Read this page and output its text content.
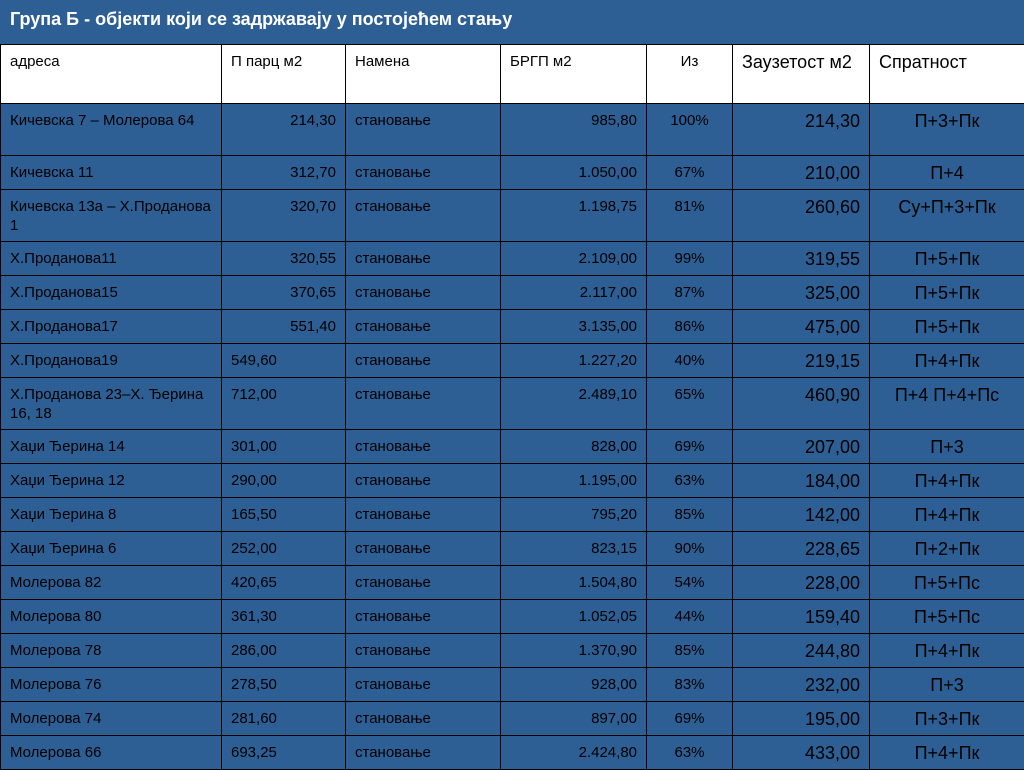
Група Б - објекти који се задржавају у постојећем стању
адреса	П парц м2	Намена	БРГП м2	Из	Заузетост м2	Спратност
Кичевска 7 – Молерова 64	214,30	становање	985,80	100%	214,30	П+3+Пк
Кичевска 11	312,70	становање	1.050,00	67%	210,00	П+4
Кичевска 13а – Х.Проданова 1	320,70	становање	1.198,75	81%	260,60	Су+П+3+Пк
Х.Проданова11	320,55	становање	2.109,00	99%	319,55	П+5+Пк
Х.Проданова15	370,65	становање	2.117,00	87%	325,00	П+5+Пк
Х.Проданова17	551,40	становање	3.135,00	86%	475,00	П+5+Пк
Х.Проданова19	549,60	становање	1.227,20	40%	219,15	П+4+Пк
Х.Проданова 23–Х. Ђерина 16, 18	712,00	становање	2.489,10	65%	460,90	П+4 П+4+Пс
Хаџи Ђерина 14	301,00	становање	828,00	69%	207,00	П+3
Хаџи Ђерина 12	290,00	становање	1.195,00	63%	184,00	П+4+Пк
Хаџи Ђерина 8	165,50	становање	795,20	85%	142,00	П+4+Пк
Хаџи Ђерина 6	252,00	становање	823,15	90%	228,65	П+2+Пк
Молерова 82	420,65	становање	1.504,80	54%	228,00	П+5+Пс
Молерова 80	361,30	становање	1.052,05	44%	159,40	П+5+Пс
Молерова 78	286,00	становање	1.370,90	85%	244,80	П+4+Пк
Молерова 76	278,50	становање	928,00	83%	232,00	П+3
Молерова 74	281,60	становање	897,00	69%	195,00	П+3+Пк
Молерова 66	693,25	становање	2.424,80	63%	433,00	П+4+Пк
